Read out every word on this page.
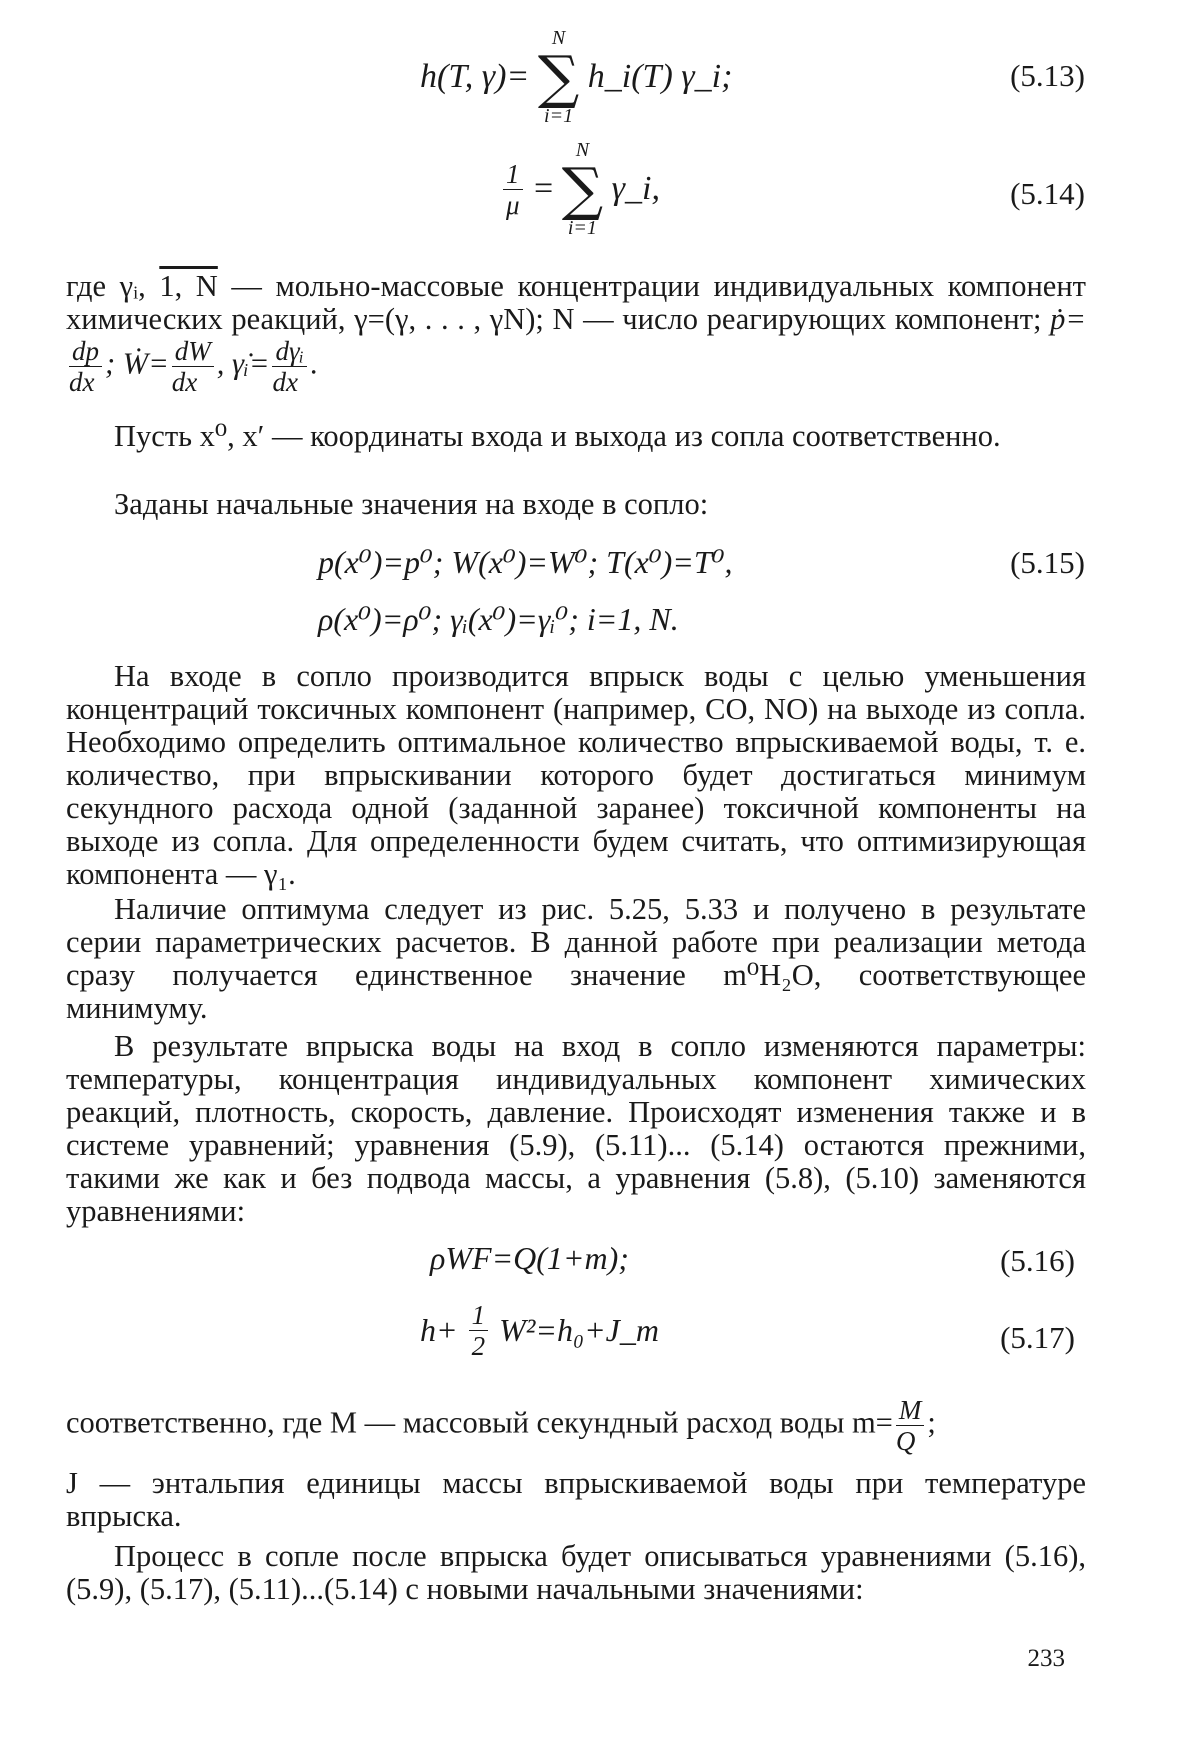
h(T, γ)=
N
∑
i=1
h_i(T) γ_i;	(5.13)
$\frac{1}{\mu}$ =
N
∑
i=1
γ_i,	(5.14)
где γᵢ, 1, N — мольно-массовые концентрации индивидуальных компонент химических реакций, γ=(γ, . . . , γN); N — число реагирующих компонент; ṗ=
$\frac{dp}{dx}$ ; Ẇ= $\frac{dW}{dx}$ , γ̇ᵢ= $\frac{\text{dγᵢ}}{dx}$ .
Пусть x⁰, x′ — координаты входа и выхода из сопла соответственно.
Заданы начальные значения на входе в сопло:
p(x⁰)=p⁰; W(x⁰)=W⁰; T(x⁰)=T⁰,	(5.15)
ρ(x⁰)=ρ⁰; γᵢ(x⁰)=γᵢ⁰; i=1, N.
На входе в сопло производится впрыск воды с целью уменьшения концентраций токсичных компонент (например, CO, NO) на выходе из сопла. Необходимо определить оптимальное количество впрыскиваемой воды, т. е. количество, при впрыскивании которого будет достигаться минимум секундного расхода одной (заданной заранее) токсичной компоненты на выходе из сопла. Для определенности будем считать, что оптимизирующая компонента — γ₁.
Наличие оптимума следует из рис. 5.25, 5.33 и получено в результате серии параметрических расчетов. В данной работе при реализации метода сразу получается единственное значение m⁰H₂O, соответствующее минимуму.
В результате впрыска воды на вход в сопло изменяются параметры: температуры, концентрация индивидуальных компонент химических реакций, плотность, скорость, давление. Происходят изменения также и в системе уравнений; уравнения (5.9), (5.11)... (5.14) остаются прежними, такими же как и без подвода массы, а уравнения (5.8), (5.10) заменяются уравнениями:
ρWF=Q(1+m);	(5.16)
$h+ \frac{1}{2}$ W²=h₀+J_m	(5.17)
соответственно, где M — массовый секундный расход воды $m= \frac{M}{Q}$ ;
J — энтальпия единицы массы впрыскиваемой воды при температуре впрыска.
Процесс в сопле после впрыска будет описываться уравнениями (5.16), (5.9), (5.17), (5.11)...(5.14) с новыми начальными значениями:
233
